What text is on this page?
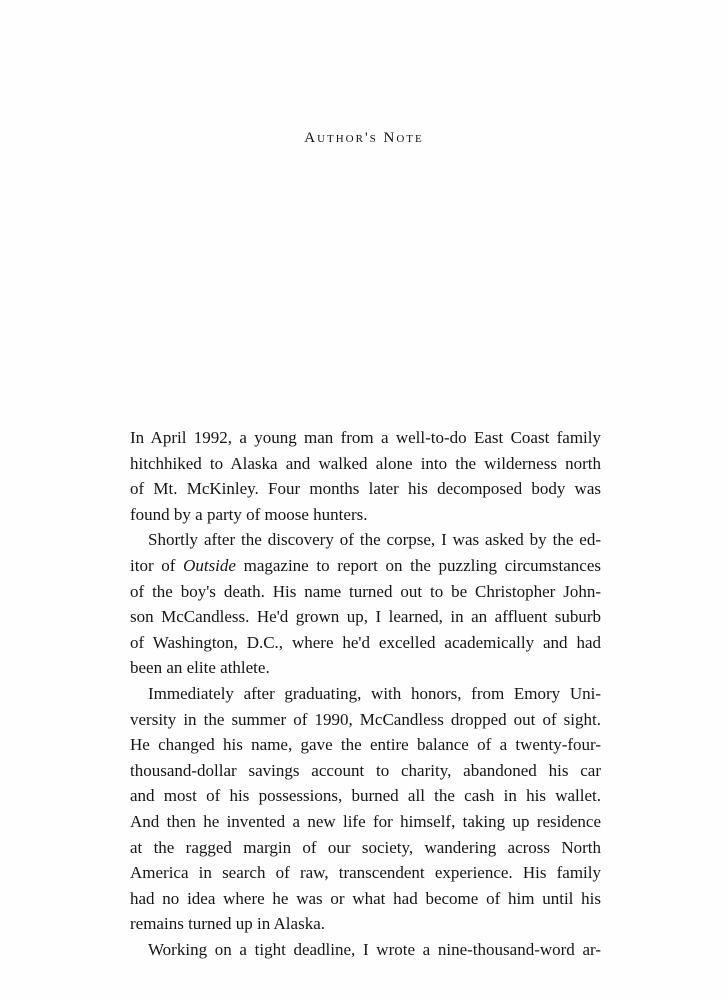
Author's Note
In April 1992, a young man from a well-to-do East Coast family
hitchhiked to Alaska and walked alone into the wilderness north
of Mt. McKinley. Four months later his decomposed body was
found by a party of moose hunters.
Shortly after the discovery of the corpse, I was asked by the ed-
itor of Outside magazine to report on the puzzling circumstances
of the boy's death. His name turned out to be Christopher John-
son McCandless. He'd grown up, I learned, in an affluent suburb
of Washington, D.C., where he'd excelled academically and had
been an elite athlete.
Immediately after graduating, with honors, from Emory Uni-
versity in the summer of 1990, McCandless dropped out of sight.
He changed his name, gave the entire balance of a twenty-four-
thousand-dollar savings account to charity, abandoned his car
and most of his possessions, burned all the cash in his wallet.
And then he invented a new life for himself, taking up residence
at the ragged margin of our society, wandering across North
America in search of raw, transcendent experience. His family
had no idea where he was or what had become of him until his
remains turned up in Alaska.
Working on a tight deadline, I wrote a nine-thousand-word ar-
